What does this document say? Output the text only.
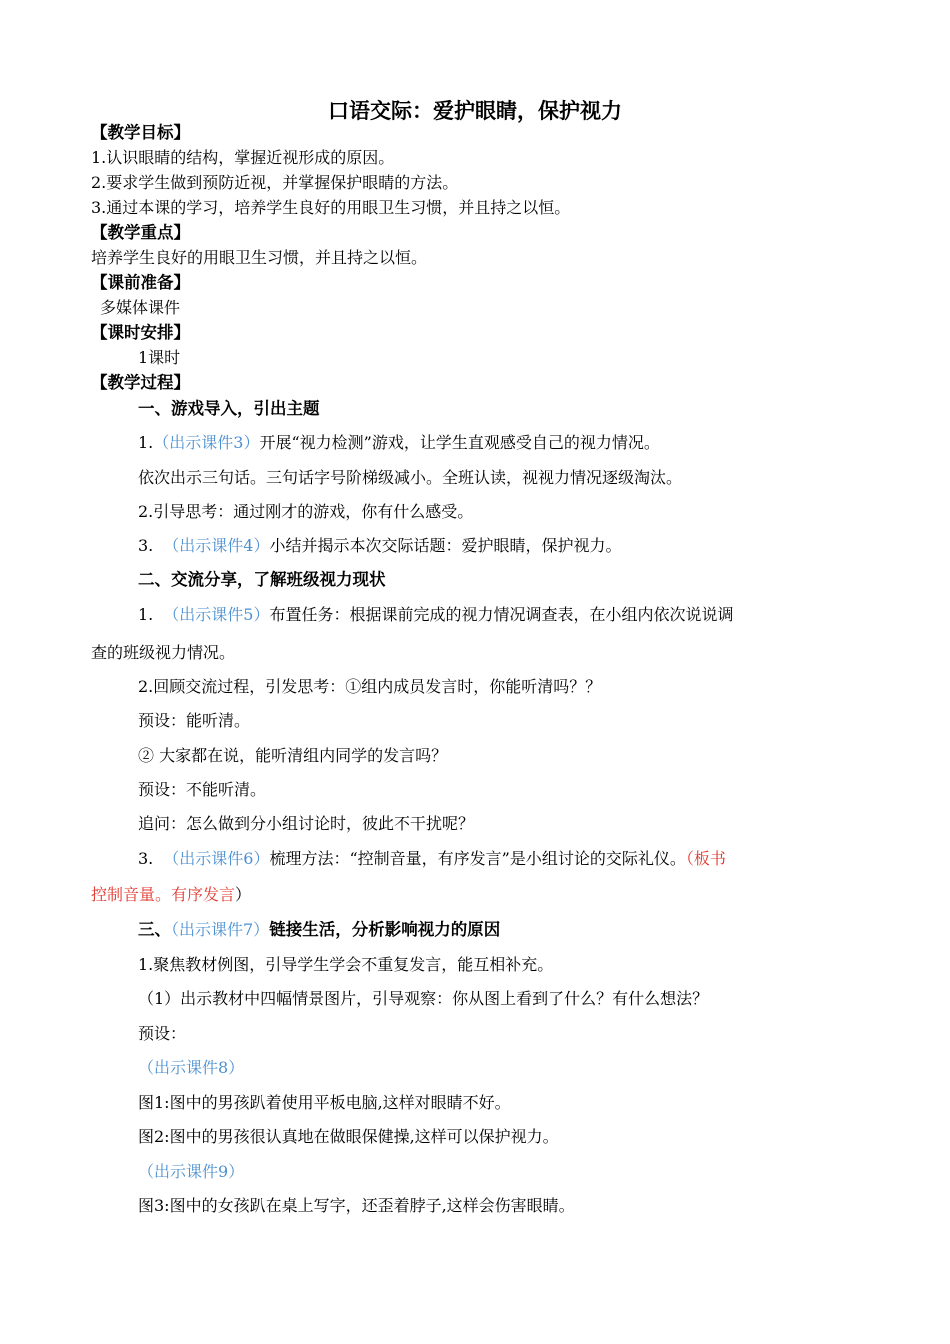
口语交际：爱护眼睛，保护视力
【教学目标】
1.认识眼睛的结构，掌握近视形成的原因。
2.要求学生做到预防近视，并掌握保护眼睛的方法。
3.通过本课的学习，培养学生良好的用眼卫生习惯，并且持之以恒。
【教学重点】
培养学生良好的用眼卫生习惯，并且持之以恒。
【课前准备】
多媒体课件
【课时安排】
1课时
【教学过程】
一、游戏导入，引出主题
1.（出示课件3）开展“视力检测”游戏，让学生直观感受自己的视力情况。
依次出示三句话。三句话字号阶梯级减小。全班认读，视视力情况逐级淘汰。
2.引导思考：通过刚才的游戏，你有什么感受。
3. （出示课件4）小结并揭示本次交际话题：爱护眼睛，保护视力。
二、交流分享，了解班级视力现状
1. （出示课件5）布置任务：根据课前完成的视力情况调查表，在小组内依次说说调
查的班级视力情况。
2.回顾交流过程，引发思考：①组内成员发言时，你能听清吗？？
预设：能听清。
② 大家都在说，能听清组内同学的发言吗？
预设：不能听清。
追问：怎么做到分小组讨论时，彼此不干扰呢？
3. （出示课件6）梳理方法：“控制音量，有序发言”是小组讨论的交际礼仪。（板书
控制音量。有序发言）
三、（出示课件7）链接生活，分析影响视力的原因
1.聚焦教材例图，引导学生学会不重复发言，能互相补充。
（1）出示教材中四幅情景图片，引导观察：你从图上看到了什么？有什么想法？
预设：
（出示课件8）
图1:图中的男孩趴着使用平板电脑,这样对眼睛不好。
图2:图中的男孩很认真地在做眼保健操,这样可以保护视力。
（出示课件9）
图3:图中的女孩趴在桌上写字，还歪着脖子,这样会伤害眼睛。
